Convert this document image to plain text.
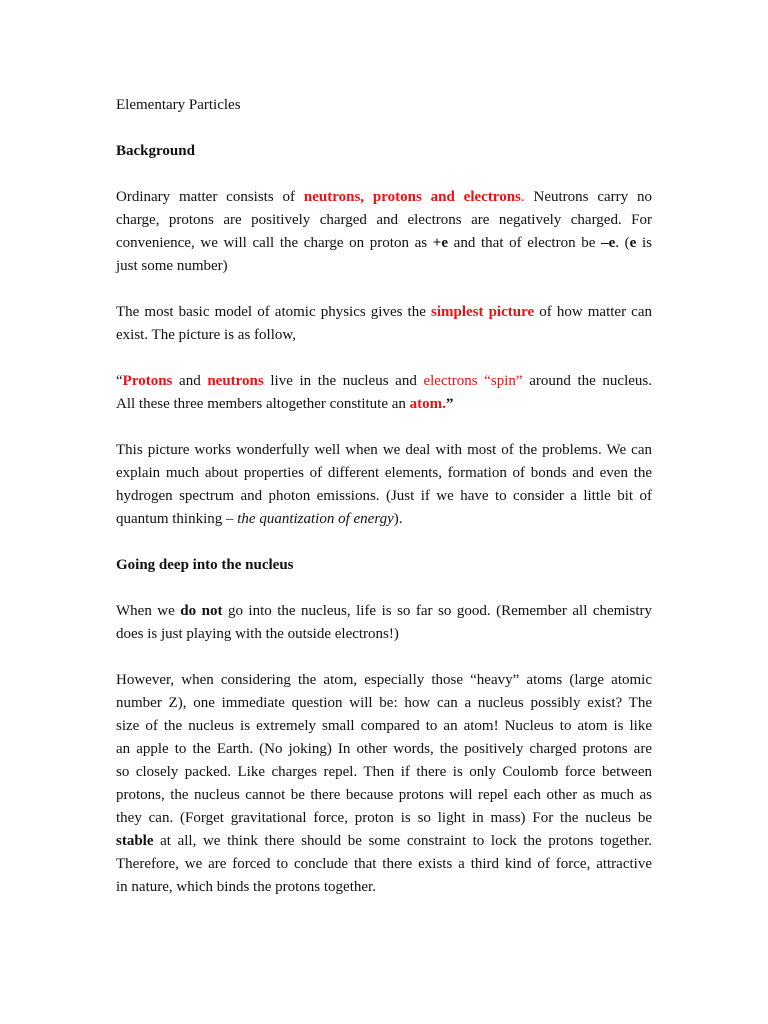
Elementary Particles
Background
Ordinary matter consists of neutrons, protons and electrons. Neutrons carry no
charge, protons are positively charged and electrons are negatively charged. For
convenience, we will call the charge on proton as +e and that of electron be –e. (e is
just some number)
The most basic model of atomic physics gives the simplest picture of how matter can
exist. The picture is as follow,
“Protons and neutrons live in the nucleus and electrons “spin” around the nucleus.
All these three members altogether constitute an atom.”
This picture works wonderfully well when we deal with most of the problems. We can
explain much about properties of different elements, formation of bonds and even the
hydrogen spectrum and photon emissions. (Just if we have to consider a little bit of
quantum thinking – the quantization of energy).
Going deep into the nucleus
When we do not go into the nucleus, life is so far so good. (Remember all chemistry
does is just playing with the outside electrons!)
However, when considering the atom, especially those “heavy” atoms (large atomic
number Z), one immediate question will be: how can a nucleus possibly exist? The
size of the nucleus is extremely small compared to an atom! Nucleus to atom is like
an apple to the Earth. (No joking) In other words, the positively charged protons are
so closely packed. Like charges repel. Then if there is only Coulomb force between
protons, the nucleus cannot be there because protons will repel each other as much as
they can. (Forget gravitational force, proton is so light in mass) For the nucleus be
stable at all, we think there should be some constraint to lock the protons together.
Therefore, we are forced to conclude that there exists a third kind of force, attractive
in nature, which binds the protons together.
